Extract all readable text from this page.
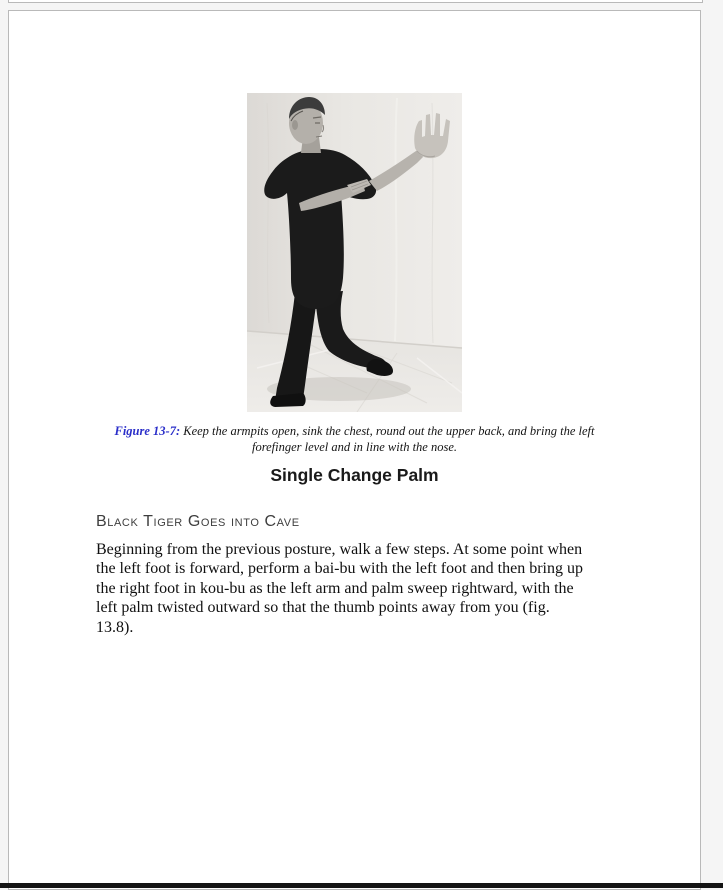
Figure 13-7: Keep the armpits open, sink the chest, round out the upper back, and bring the left
forefinger level and in line with the nose.
Single Change Palm
Black Tiger Goes into Cave
Beginning from the previous posture, walk a few steps. At some point when
the left foot is forward, perform a bai-bu with the left foot and then bring up
the right foot in kou-bu as the left arm and palm sweep rightward, with the
left palm twisted outward so that the thumb points away from you (fig.
13.8).
